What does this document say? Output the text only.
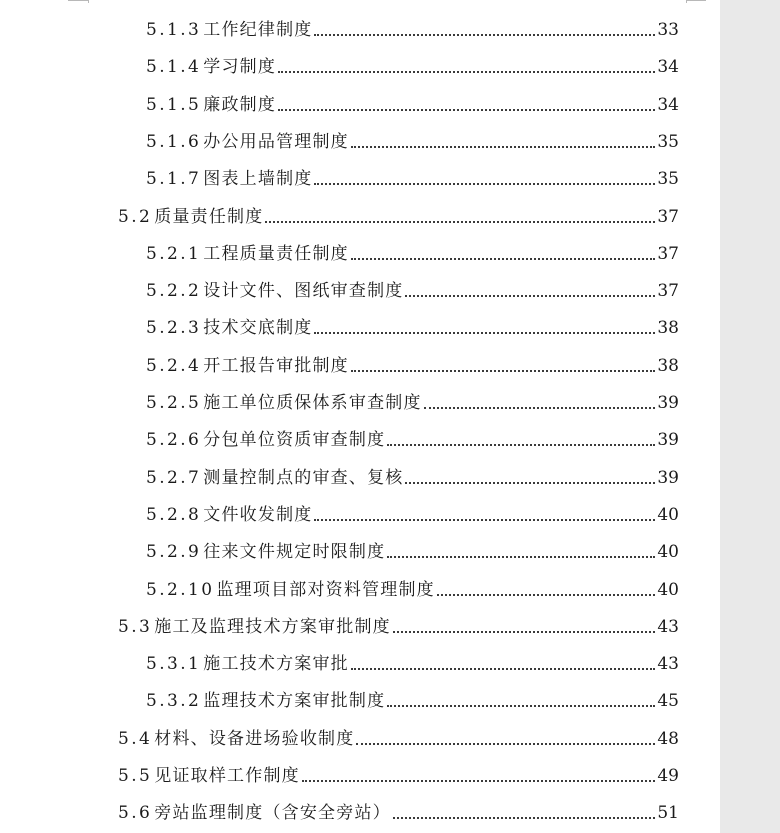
5.1.3 工作纪律制度	33
5.1.4 学习制度	34
5.1.5 廉政制度	34
5.1.6 办公用品管理制度	35
5.1.7 图表上墙制度	35
5.2 质量责任制度	37
5.2.1 工程质量责任制度	37
5.2.2 设计文件、图纸审查制度	37
5.2.3 技术交底制度	38
5.2.4 开工报告审批制度	38
5.2.5 施工单位质保体系审查制度	39
5.2.6 分包单位资质审查制度	39
5.2.7 测量控制点的审查、复核	39
5.2.8 文件收发制度	40
5.2.9 往来文件规定时限制度	40
5.2.10 监理项目部对资料管理制度	40
5.3 施工及监理技术方案审批制度	43
5.3.1 施工技术方案审批	43
5.3.2 监理技术方案审批制度	45
5.4 材料、设备进场验收制度	48
5.5 见证取样工作制度	49
5.6 旁站监理制度（含安全旁站）	51
